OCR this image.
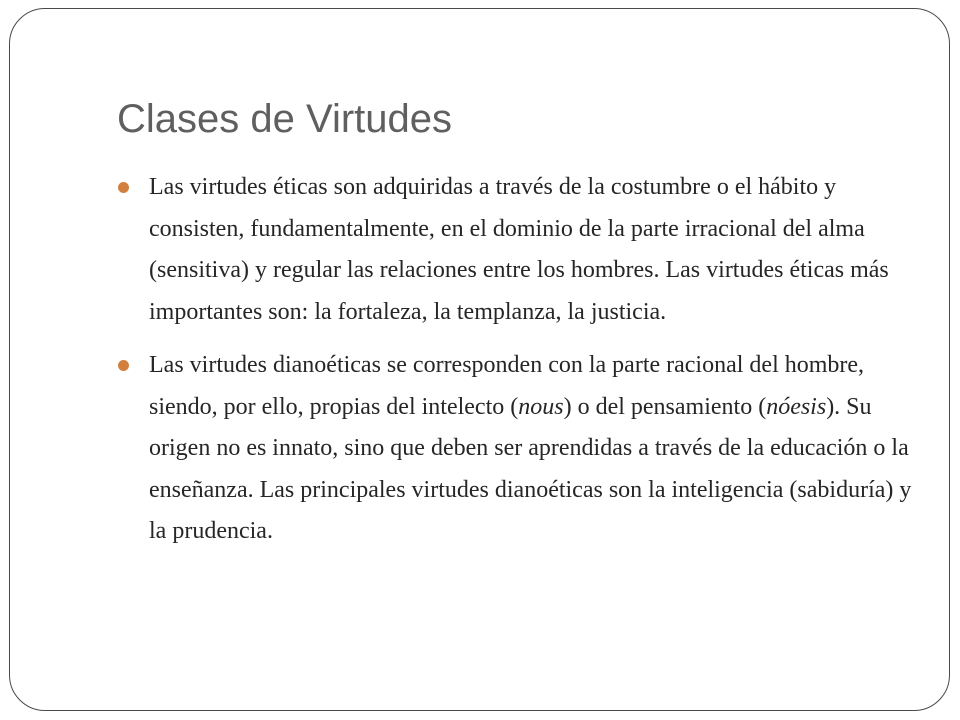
Clases de Virtudes
Las virtudes éticas son adquiridas a través de la costumbre o el hábito y consisten, fundamentalmente, en el dominio de la parte irracional del alma (sensitiva) y regular las relaciones entre los hombres. Las virtudes éticas más importantes son: la fortaleza, la templanza, la justicia.
Las virtudes dianoéticas se corresponden con la parte racional del hombre, siendo, por ello, propias del intelecto (nous) o del pensamiento (nóesis). Su origen no es innato, sino que deben ser aprendidas a través de la educación o la enseñanza. Las principales virtudes dianoéticas son la inteligencia (sabiduría) y la prudencia.
